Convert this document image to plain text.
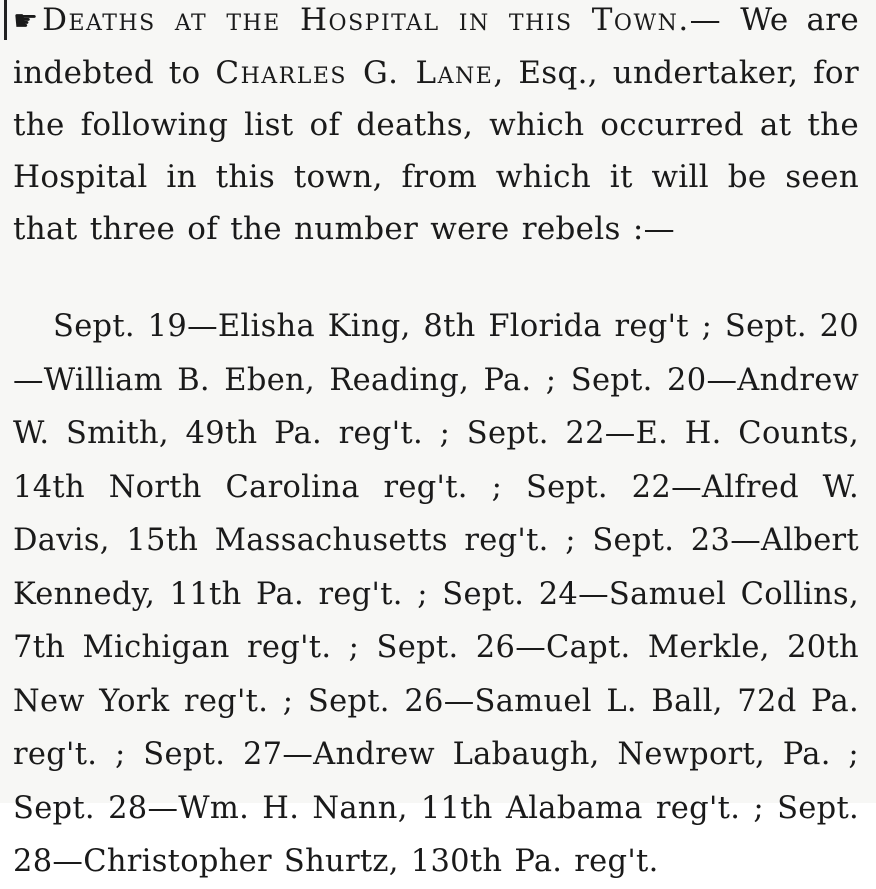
☛ Deaths at the Hospital in this Town.— We are indebted to Charles G. Lane, Esq., undertaker, for the following list of deaths, which occurred at the Hospital in this town, from which it will be seen that three of the number were rebels :—

Sept. 19—Elisha King, 8th Florida reg't ; Sept. 20—William B. Eben, Reading, Pa. ; Sept. 20—Andrew W. Smith, 49th Pa. reg't. ; Sept. 22—E. H. Counts, 14th North Carolina reg't. ; Sept. 22—Alfred W. Davis, 15th Massachusetts reg't. ; Sept. 23—Albert Kennedy, 11th Pa. reg't. ; Sept. 24—Samuel Collins, 7th Michigan reg't. ; Sept. 26—Capt. Merkle, 20th New York reg't. ; Sept. 26—Samuel L. Ball, 72d Pa. reg't. ; Sept. 27—Andrew Labaugh, Newport, Pa. ; Sept. 28—Wm. H. Nann, 11th Alabama reg't. ; Sept. 28—Christopher Shurtz, 130th Pa. reg't.
